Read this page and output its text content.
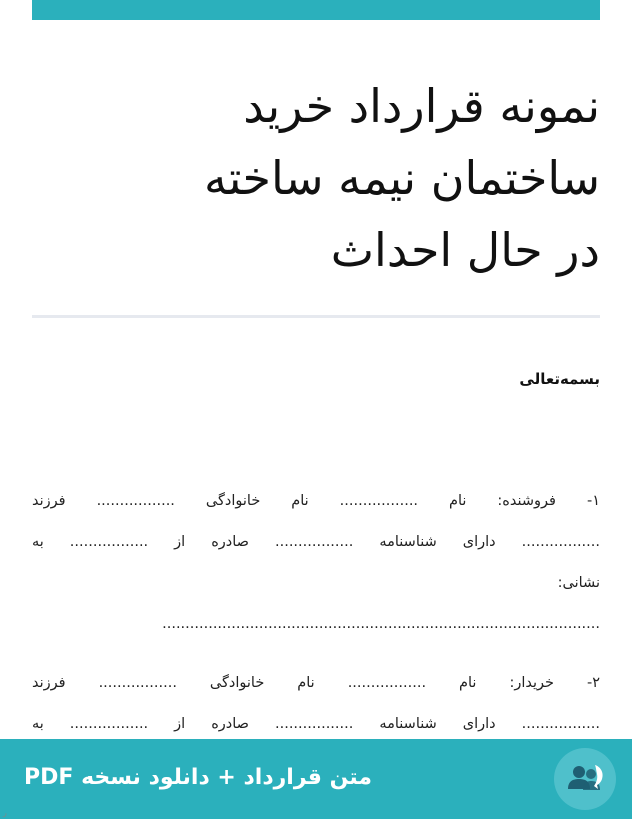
نمونه قرارداد خرید
ساختمان نیمه ساخته
در حال احداث
بسمه‌تعالی
۱- فروشنده: نام ................. نام خانوادگی ................. فرزند
................. دارای شناسنامه ................. صادره از ................. به
نشانی:
...............................................................................................
۲- خریدار: نام ................. نام خانوادگی ................. فرزند
................. دارای شناسنامه ................. صادره از ................. به
متن قرارداد + دانلود نسخه PDF
ر
